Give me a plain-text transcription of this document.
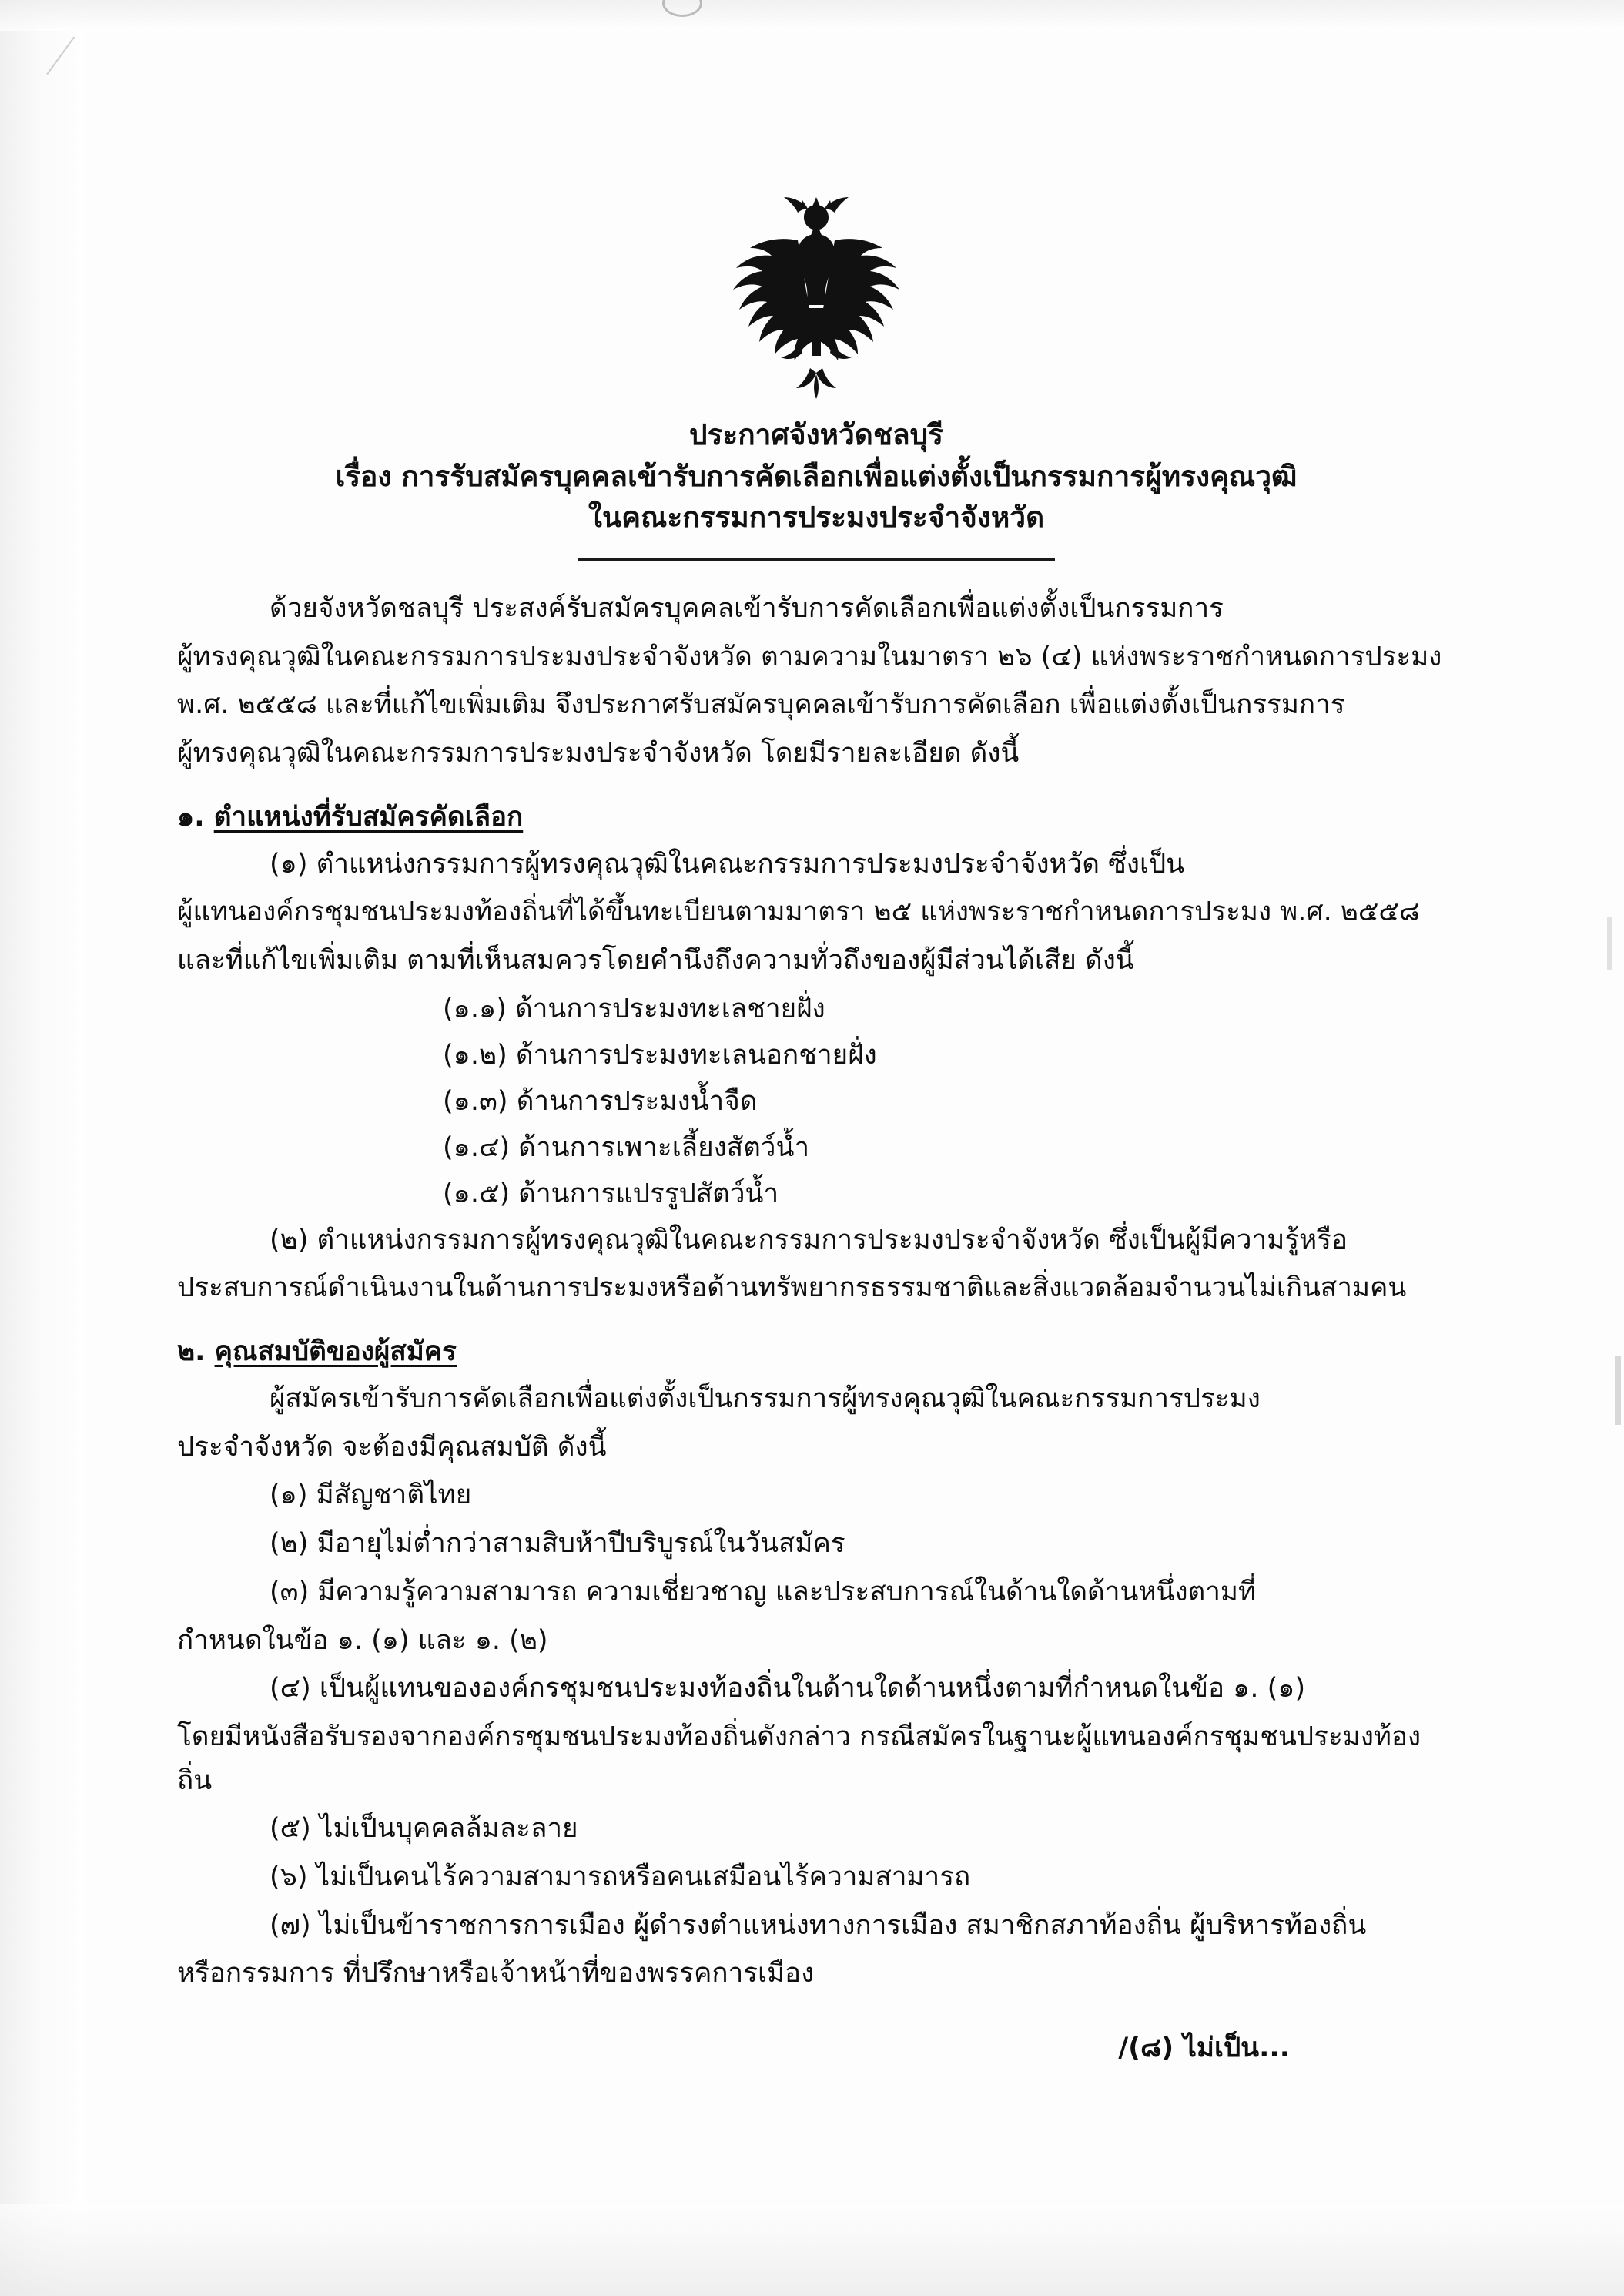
ประกาศจังหวัดชลบุรี
เรื่อง การรับสมัครบุคคลเข้ารับการคัดเลือกเพื่อแต่งตั้งเป็นกรรมการผู้ทรงคุณวุฒิ
ในคณะกรรมการประมงประจำจังหวัด

ด้วยจังหวัดชลบุรี ประสงค์รับสมัครบุคคลเข้ารับการคัดเลือกเพื่อแต่งตั้งเป็นกรรมการ

ผู้ทรงคุณวุฒิในคณะกรรมการประมงประจำจังหวัด ตามความในมาตรา ๒๖ (๔) แห่งพระราชกำหนดการประมง

พ.ศ. ๒๕๕๘ และที่แก้ไขเพิ่มเติม จึงประกาศรับสมัครบุคคลเข้ารับการคัดเลือก เพื่อแต่งตั้งเป็นกรรมการ

ผู้ทรงคุณวุฒิในคณะกรรมการประมงประจำจังหวัด โดยมีรายละเอียด ดังนี้

๑. ตำแหน่งที่รับสมัครคัดเลือก

(๑) ตำแหน่งกรรมการผู้ทรงคุณวุฒิในคณะกรรมการประมงประจำจังหวัด ซึ่งเป็น

ผู้แทนองค์กรชุมชนประมงท้องถิ่นที่ได้ขึ้นทะเบียนตามมาตรา ๒๕ แห่งพระราชกำหนดการประมง พ.ศ. ๒๕๕๘

และที่แก้ไขเพิ่มเติม ตามที่เห็นสมควรโดยคำนึงถึงความทั่วถึงของผู้มีส่วนได้เสีย ดังนี้

(๑.๑) ด้านการประมงทะเลชายฝั่ง

(๑.๒) ด้านการประมงทะเลนอกชายฝั่ง

(๑.๓) ด้านการประมงน้ำจืด

(๑.๔) ด้านการเพาะเลี้ยงสัตว์น้ำ

(๑.๕) ด้านการแปรรูปสัตว์น้ำ

(๒) ตำแหน่งกรรมการผู้ทรงคุณวุฒิในคณะกรรมการประมงประจำจังหวัด ซึ่งเป็นผู้มีความรู้หรือ

ประสบการณ์ดำเนินงานในด้านการประมงหรือด้านทรัพยากรธรรมชาติและสิ่งแวดล้อมจำนวนไม่เกินสามคน

๒. คุณสมบัติของผู้สมัคร

ผู้สมัครเข้ารับการคัดเลือกเพื่อแต่งตั้งเป็นกรรมการผู้ทรงคุณวุฒิในคณะกรรมการประมง

ประจำจังหวัด จะต้องมีคุณสมบัติ ดังนี้

(๑) มีสัญชาติไทย

(๒) มีอายุไม่ต่ำกว่าสามสิบห้าปีบริบูรณ์ในวันสมัคร

(๓) มีความรู้ความสามารถ ความเชี่ยวชาญ และประสบการณ์ในด้านใดด้านหนึ่งตามที่

กำหนดในข้อ ๑. (๑) และ ๑. (๒)

(๔) เป็นผู้แทนขององค์กรชุมชนประมงท้องถิ่นในด้านใดด้านหนึ่งตามที่กำหนดในข้อ ๑. (๑)

โดยมีหนังสือรับรองจากองค์กรชุมชนประมงท้องถิ่นดังกล่าว กรณีสมัครในฐานะผู้แทนองค์กรชุมชนประมงท้องถิ่น

(๕) ไม่เป็นบุคคลล้มละลาย

(๖) ไม่เป็นคนไร้ความสามารถหรือคนเสมือนไร้ความสามารถ

(๗) ไม่เป็นข้าราชการการเมือง ผู้ดำรงตำแหน่งทางการเมือง สมาชิกสภาท้องถิ่น ผู้บริหารท้องถิ่น

หรือกรรมการ ที่ปรึกษาหรือเจ้าหน้าที่ของพรรคการเมือง

/(๘) ไม่เป็น...
